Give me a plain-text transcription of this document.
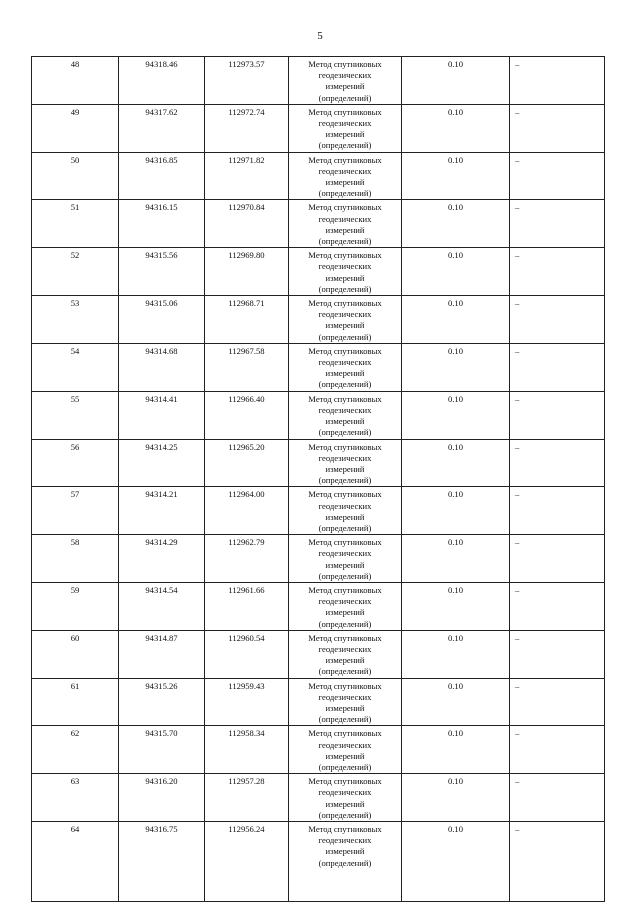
5
48	94318.46	112973.57	Метод спутниковых
геодезических
измерений
(определений)	0.10	–
49	94317.62	112972.74	Метод спутниковых
геодезических
измерений
(определений)	0.10	–
50	94316.85	112971.82	Метод спутниковых
геодезических
измерений
(определений)	0.10	–
51	94316.15	112970.84	Метод спутниковых
геодезических
измерений
(определений)	0.10	–
52	94315.56	112969.80	Метод спутниковых
геодезических
измерений
(определений)	0.10	–
53	94315.06	112968.71	Метод спутниковых
геодезических
измерений
(определений)	0.10	–
54	94314.68	112967.58	Метод спутниковых
геодезических
измерений
(определений)	0.10	–
55	94314.41	112966.40	Метод спутниковых
геодезических
измерений
(определений)	0.10	–
56	94314.25	112965.20	Метод спутниковых
геодезических
измерений
(определений)	0.10	–
57	94314.21	112964.00	Метод спутниковых
геодезических
измерений
(определений)	0.10	–
58	94314.29	112962.79	Метод спутниковых
геодезических
измерений
(определений)	0.10	–
59	94314.54	112961.66	Метод спутниковых
геодезических
измерений
(определений)	0.10	–
60	94314.87	112960.54	Метод спутниковых
геодезических
измерений
(определений)	0.10	–
61	94315.26	112959.43	Метод спутниковых
геодезических
измерений
(определений)	0.10	–
62	94315.70	112958.34	Метод спутниковых
геодезических
измерений
(определений)	0.10	–
63	94316.20	112957.28	Метод спутниковых
геодезических
измерений
(определений)	0.10	–
64	94316.75	112956.24	Метод спутниковых
геодезических
измерений
(определений)	0.10	–
